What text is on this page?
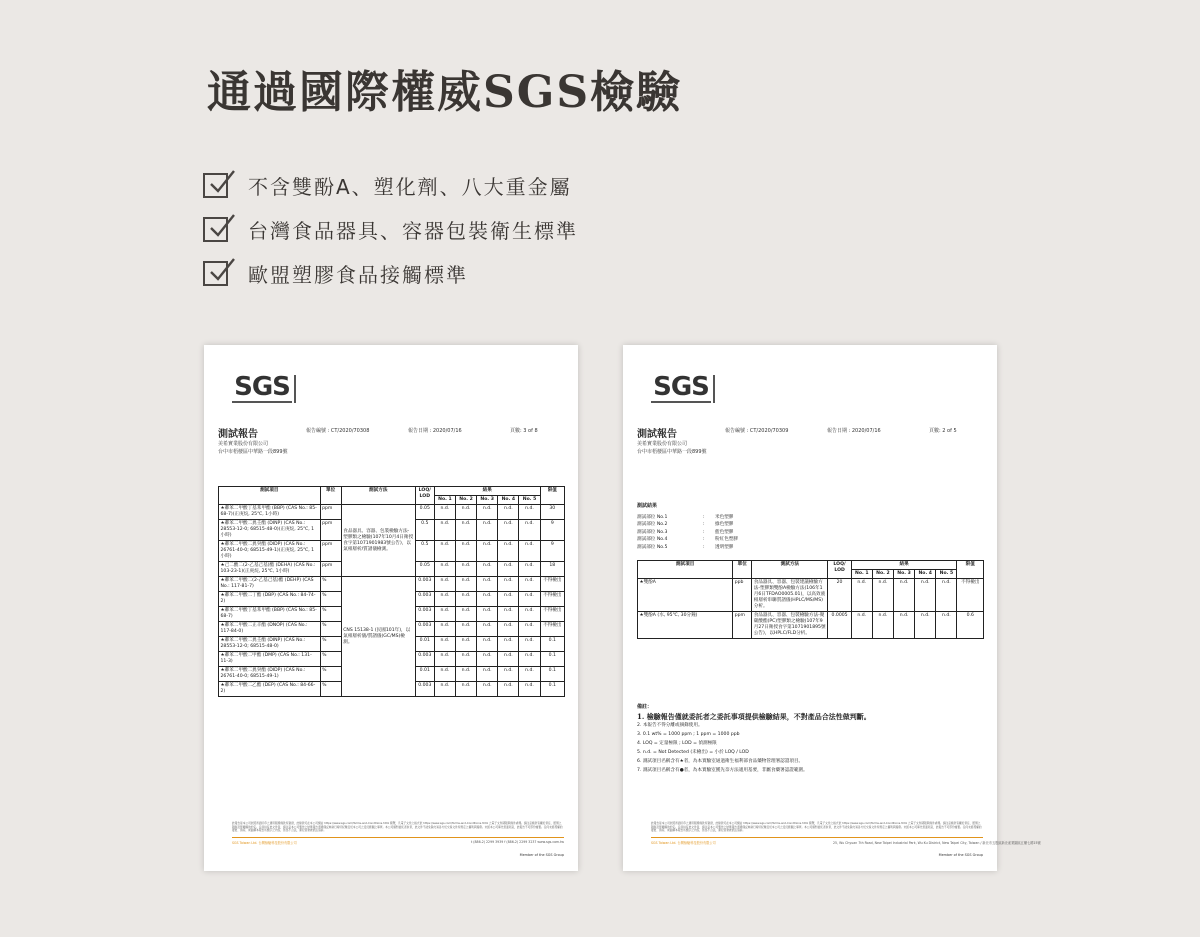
通過國際權威SGS檢驗
不含雙酚A、塑化劑、八大重金屬
台灣食品器具、容器包裝衛生標準
歐盟塑膠食品接觸標準
SGS
測試報告	報告編號 : CT/2020/70308	報告日期 : 2020/07/16	頁數: 3 of 8
美希實業股份有限公司
台中市梧棲區中華路一段899號
測試項目	單位	測試方法	LOQ/ LOD	結果					限值
				No. 1	No. 2	No. 3	No. 4	No. 5	
★鄰苯二甲酸丁基苯甲酯 (BBP) (CAS No.: 85-68-7)(正庚烷, 25℃, 1小時)	ppm	食品器具、容器、包裝檢驗方法-塑膠類之檢驗(107年10月4日衛授食字第1071901983號公告)，以氣相層析/質譜儀檢測。	0.05	n.d.	n.d.	n.d.	n.d.	n.d.	30
★鄰苯二甲酸二異壬酯 (DINP) (CAS No.: 28553-12-0; 68515-48-0)(正庚烷, 25℃, 1小時)	ppm		0.5	n.d.	n.d.	n.d.	n.d.	n.d.	9
★鄰苯二甲酸二異癸酯 (DIDP) (CAS No.: 26761-40-0; 68515-49-1)(正庚烷, 25℃, 1小時)	ppm		0.5	n.d.	n.d.	n.d.	n.d.	n.d.	9
★己二酸二(2-乙基己基)酯 (DEHA) (CAS No.: 103-23-1)(正庚烷, 25℃, 1小時)	ppm		0.05	n.d.	n.d.	n.d.	n.d.	n.d.	18
★鄰苯二甲酸二(2-乙基己基)酯 (DEHP) (CAS No.: 117-81-7)	%	CNS 15138-1 (民國101年)，以氣相層析儀/質譜儀(GC/MS)檢測。	0.003	n.d.	n.d.	n.d.	n.d.	n.d.	不得檢出
★鄰苯二甲酸二丁酯 (DBP) (CAS No.: 84-74-2)	%		0.003	n.d.	n.d.	n.d.	n.d.	n.d.	不得檢出
★鄰苯二甲酸丁基苯甲酯 (BBP) (CAS No.: 85-68-7)	%		0.003	n.d.	n.d.	n.d.	n.d.	n.d.	不得檢出
★鄰苯二甲酸二正辛酯 (DNOP) (CAS No.: 117-84-0)	%		0.003	n.d.	n.d.	n.d.	n.d.	n.d.	不得檢出
★鄰苯二甲酸二異壬酯 (DINP) (CAS No.: 28553-12-0; 68515-48-0)	%		0.01	n.d.	n.d.	n.d.	n.d.	n.d.	0.1
★鄰苯二甲酸二甲酯 (DMP) (CAS No.: 131-11-3)	%		0.003	n.d.	n.d.	n.d.	n.d.	n.d.	0.1
★鄰苯二甲酸二異癸酯 (DIDP) (CAS No.: 26761-40-0; 68515-49-1)	%		0.01	n.d.	n.d.	n.d.	n.d.	n.d.	0.1
★鄰苯二甲酸二乙酯 (DEP) (CAS No.: 84-66-2)	%		0.003	n.d.	n.d.	n.d.	n.d.	n.d.	0.1
此報告是本公司依照背面所印之通用服務條款所簽發，此條款可在本公司網站 https://www.sgs.com/Terms-and-Conditions.html 閱覽，凡電子文件之格式依 https://www.sgs.com/Terms-and-Conditions.html 之電子文件期限與條件處理。請注意條款有關於責任、賠償之限制及管轄權的約定。任何持有此文件者，請注意本公司製作之結果報告書將僅反映執行時所紀錄且於本公司之受託範圍之事實。本公司僅對委託者負責，此文件不能免除交易各方於交易文件所規定之權利與義務。未經本公司事先書面同意，此報告不可部份複製。任何未經授權的變更、偽造、或曲解本報告所顯示之內容，皆為不合法，違犯者會被依法追訴。
SGS Taiwan Ltd. 台灣檢驗科技股份有限公司	t (886-2) 2299 3939 f (886-2) 2299 3237 www.sgs.com.tw
Member of the SGS Group
SGS
測試報告	報告編號 : CT/2020/70309	報告日期 : 2020/07/16	頁數: 2 of 5
美希實業股份有限公司
台中市梧棲區中華路一段899號
測試結果
測試部位 No.1	:	米色塑膠
測試部位 No.2	:	綠色塑膠
測試部位 No.3	:	藍色塑膠
測試部位 No.4	:	粉紅色塑膠
測試部位 No.5	:	透明塑膠
測試項目	單位	測試方法	LOQ/ LOD	結果					限值
				No. 1	No. 2	No. 3	No. 4	No. 5	
★雙酚A	ppb	食品器具、容器、包裝建議檢驗方法-塑膠類雙酚A檢驗方法(106年1月6日TFDAO0005.01)，以高效液相層析串聯質譜儀(HPLC/MS/MS)分析。	20	n.d.	n.d.	n.d.	n.d.	n.d.	不得檢出
★雙酚A (水, 95℃, 30分鐘)	ppm	食品器具、容器、包裝檢驗方法-聚碳酸酯(PC)塑膠類之檢驗(107年9月27日衛授食字第1071901895號公告)，以HPLC/FLD分析。	0.0005	n.d.	n.d.	n.d.	n.d.	n.d.	0.6
備註：
1. 檢驗報告僅就委託者之委託事項提供檢驗結果，不對產品合法性做判斷。
2. 本報告不得分離或摘錄使用。
3. 0.1 wt% = 1000 ppm ; 1 ppm = 1000 ppb
4. LOQ = 定量極限 ; LOD = 偵測極限
5. n.d. = Not Detected (未檢出) = 小於 LOQ / LOD
6. 測試項目名稱含有★者，為本實驗室通過衛生福利部食品藥物管理署認證項目。
7. 測試項目名稱含有●者，為本實驗室獲先奈方法適用基要，非屬食藥署認證範圍。
此報告是本公司依照背面所印之通用服務條款所簽發，此條款可在本公司網站 https://www.sgs.com/Terms-and-Conditions.html 閱覽，凡電子文件之格式依 https://www.sgs.com/Terms-and-Conditions.html 之電子文件期限與條件處理。請注意條款有關於責任、賠償之限制及管轄權的約定。任何持有此文件者，請注意本公司製作之結果報告書將僅反映執行時所紀錄且於本公司之受託範圍之事實。本公司僅對委託者負責，此文件不能免除交易各方於交易文件所規定之權利與義務。未經本公司事先書面同意，此報告不可部份複製。任何未經授權的變更、偽造、或曲解本報告所顯示之內容，皆為不合法，違犯者會被依法追訴。
SGS Taiwan Ltd. 台灣檢驗科技股份有限公司	25, Wu Chyuan 7th Road, New Taipei Industrial Park, Wu Ku District, New Taipei City, Taiwan / 新北市五股區新北產業園區五權七路25號
Member of the SGS Group
